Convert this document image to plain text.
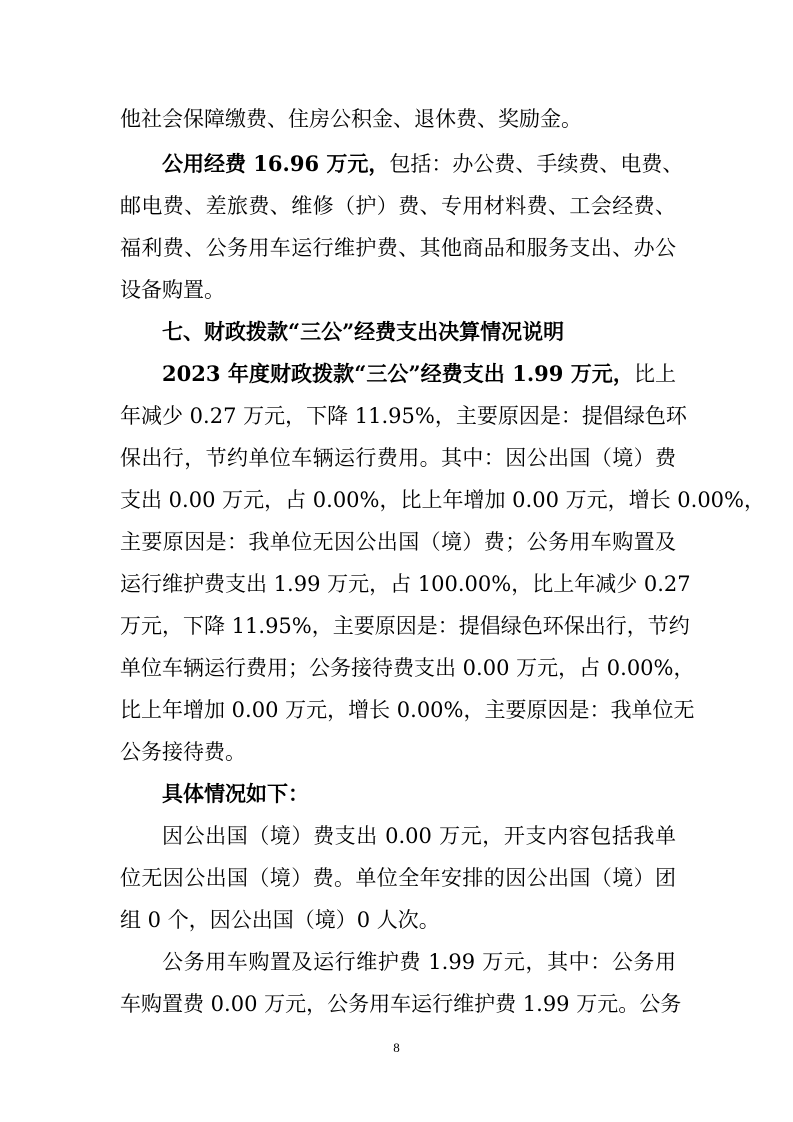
他社会保障缴费、住房公积金、退休费、奖励金。
公用经费 16.96 万元，包括：办公费、手续费、电费、
邮电费、差旅费、维修（护）费、专用材料费、工会经费、
福利费、公务用车运行维护费、其他商品和服务支出、办公
设备购置。
七、财政拨款“三公”经费支出决算情况说明
2023 年度财政拨款“三公”经费支出 1.99 万元，比上
年减少 0.27 万元，下降 11.95%，主要原因是：提倡绿色环
保出行，节约单位车辆运行费用。其中：因公出国（境）费
支出 0.00 万元，占 0.00%，比上年增加 0.00 万元，增长 0.00%，
主要原因是：我单位无因公出国（境）费；公务用车购置及
运行维护费支出 1.99 万元，占 100.00%，比上年减少 0.27
万元，下降 11.95%，主要原因是：提倡绿色环保出行，节约
单位车辆运行费用；公务接待费支出 0.00 万元，占 0.00%，
比上年增加 0.00 万元，增长 0.00%，主要原因是：我单位无
公务接待费。
具体情况如下：
因公出国（境）费支出 0.00 万元，开支内容包括我单
位无因公出国（境）费。单位全年安排的因公出国（境）团
组 0 个，因公出国（境）0 人次。
公务用车购置及运行维护费 1.99 万元，其中：公务用
车购置费 0.00 万元，公务用车运行维护费 1.99 万元。公务
8
